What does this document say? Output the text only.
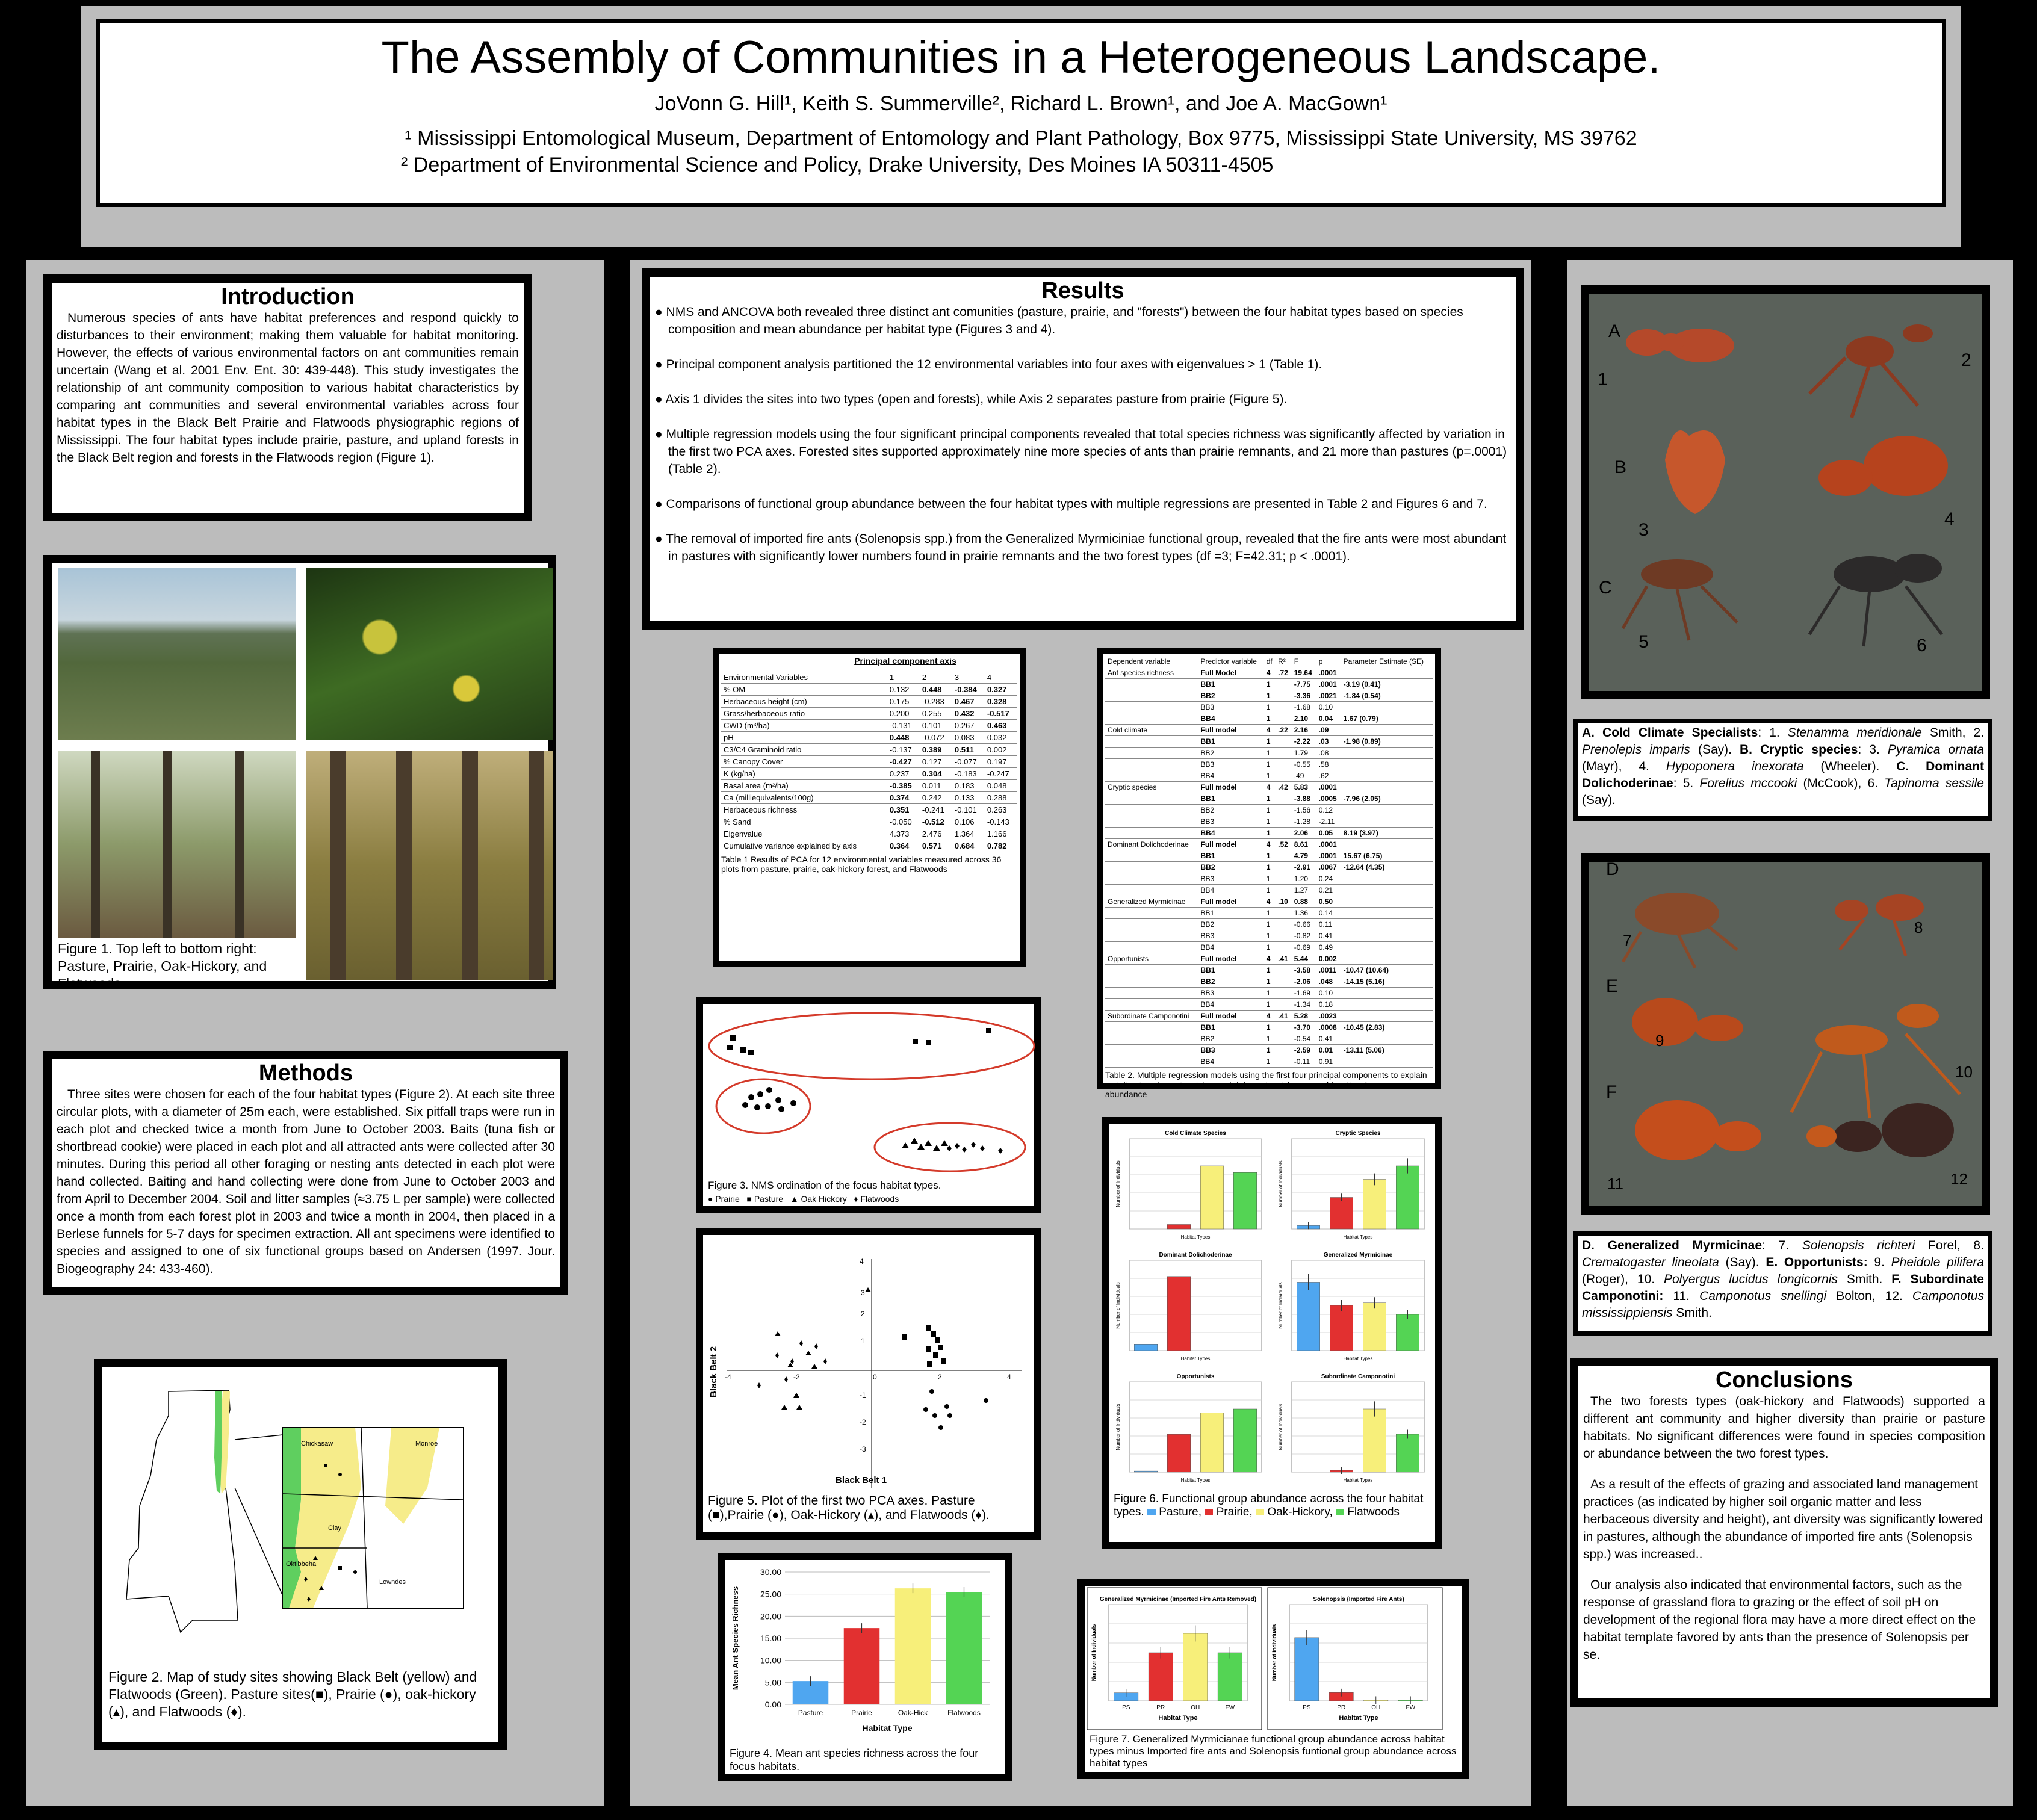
The Assembly of Communities in a Heterogeneous Landscape.
JoVonn G. Hill¹, Keith S. Summerville², Richard L. Brown¹, and Joe A. MacGown¹
¹ Mississippi Entomological Museum, Department of Entomology and Plant Pathology, Box 9775, Mississippi State University, MS 39762
² Department of Environmental Science and Policy, Drake University, Des Moines IA 50311-4505
Introduction

Numerous species of ants have habitat preferences and respond quickly to disturbances to their environment; making them valuable for habitat monitoring. However, the effects of various environmental factors on ant communities remain uncertain (Wang et al. 2001 Env. Ent. 30: 439-448). This study investigates the relationship of ant community composition to various habitat characteristics by comparing ant communities and several environmental variables across four habitat types in the Black Belt Prairie and Flatwoods physiographic regions of Mississippi. The four habitat types include prairie, pasture, and upland forests in the Black Belt region and forests in the Flatwoods region (Figure 1).

Figure 1. Top left to bottom right: Pasture, Prairie, Oak-Hickory, and Flatwoods.
Methods

Three sites were chosen for each of the four habitat types (Figure 2). At each site three circular plots, with a diameter of 25m each, were established. Six pitfall traps were run in each plot and checked twice a month from June to October 2003. Baits (tuna fish or shortbread cookie) were placed in each plot and all attracted ants were collected after 30 minutes. During this period all other foraging or nesting ants detected in each plot were hand collected. Baiting and hand collecting were done from June to October 2003 and from April to December 2004. Soil and litter samples (≈3.75 L per sample) were collected once a month from each forest plot in 2003 and twice a month in 2004, then placed in a Berlese funnels for 5-7 days for specimen extraction. All ant specimens were identified to species and assigned to one of six functional groups based on Andersen (1997. Jour. Biogeography 24: 433-460).

Chickasaw	Monroe
Clay
Oktibbeha
Lowndes
Figure 2. Map of study sites showing Black Belt (yellow) and Flatwoods (Green). Pasture sites(■), Prairie (●), oak-hickory (▴), and Flatwoods (♦).
Results

● NMS and ANCOVA both revealed three distinct ant comunities (pasture, prairie, and "forests") between the four habitat types based on species composition and mean abundance per habitat type (Figures 3 and 4).

● Principal component analysis partitioned the 12 environmental variables into four axes with eigenvalues > 1 (Table 1).

● Axis 1 divides the sites into two types (open and forests), while Axis 2 separates pasture from prairie (Figure 5).

● Multiple regression models using the four significant principal components revealed that total species richness was significantly affected by variation in the first two PCA axes. Forested sites supported approximately nine more species of ants than prairie remnants, and 21 more than pastures (p=.0001) (Table 2).

● Comparisons of functional group abundance between the four habitat types with multiple regressions are presented in Table 2 and Figures 6 and 7.

● The removal of imported fire ants (Solenopsis spp.) from the Generalized Myrmiciniae functional group, revealed that the fire ants were most abundant in pastures with significantly lower numbers found in prairie remnants and the two forest types (df =3; F=42.31; p < .0001).

Principal component axis
Environmental Variables	1	2	3	4
% OM	0.132	0.448	-0.384	0.327
Herbaceous height (cm)	0.175	-0.283	0.467	0.328
Grass/herbaceous ratio	0.200	0.255	0.432	-0.517
CWD (m³/ha)	-0.131	0.101	0.267	0.463
pH	0.448	-0.072	0.083	0.032
C3/C4 Graminoid ratio	-0.137	0.389	0.511	0.002
% Canopy Cover	-0.427	0.127	-0.077	0.197
K (kg/ha)	0.237	0.304	-0.183	-0.247
Basal area (m²/ha)	-0.385	0.011	0.183	0.048
Ca (milliequivalents/100g)	0.374	0.242	0.133	0.288
Herbaceous richness	0.351	-0.241	-0.101	0.263
% Sand	-0.050	-0.512	0.106	-0.143
Eigenvalue	4.373	2.476	1.364	1.166
Cumulative variance explained by axis	0.364	0.571	0.684	0.782
Table 1 Results of PCA for 12 environmental variables measured across 36 plots from pasture, prairie, oak-hickory forest, and Flatwoods
Dependent variable	Predictor variable	df	R²	F	p	Parameter Estimate (SE)
Ant species richness	Full Model	4	.72	19.64	.0001	
	BB1	1		-7.75	.0001	-3.19 (0.41)
	BB2	1		-3.36	.0021	-1.84 (0.54)
	BB3	1		-1.68	0.10	
	BB4	1		2.10	0.04	1.67 (0.79)
Cold climate	Full model	4	.22	2.16	.09	
	BB1	1		-2.22	.03	-1.98 (0.89)
	BB2	1		1.79	.08	
	BB3	1		-0.55	.58	
	BB4	1		.49	.62	
Cryptic species	Full model	4	.42	5.83	.0001	
	BB1	1		-3.88	.0005	-7.96 (2.05)
	BB2	1		-1.56	0.12	
	BB3	1		-1.28	-2.11	
	BB4	1		2.06	0.05	8.19 (3.97)
Dominant Dolichoderinae	Full model	4	.52	8.61	.0001	
	BB1	1		4.79	.0001	15.67 (6.75)
	BB2	1		-2.91	.0067	-12.64 (4.35)
	BB3	1		1.20	0.24	
	BB4	1		1.27	0.21	
Generalized Myrmicinae	Full model	4	.10	0.88	0.50	
	BB1	1		1.36	0.14	
	BB2	1		-0.66	0.11	
	BB3	1		-0.82	0.41	
	BB4	1		-0.69	0.49	
Opportunists	Full model	4	.41	5.44	0.002	
	BB1	1		-3.58	.0011	-10.47 (10.64)
	BB2	1		-2.06	.048	-14.15 (5.16)
	BB3	1		-1.69	0.10	
	BB4	1		-1.34	0.18	
Subordinate Camponotini	Full model	4	.41	5.28	.0023	
	BB1	1		-3.70	.0008	-10.45 (2.83)
	BB2	1		-0.54	0.41	
	BB3	1		-2.59	0.01	-13.11 (5.06)
	BB4	1		-0.11	0.91	
Table 2. Multiple regression models using the first four principal components to explain variation in ant species richness, total species richness, and functional group abundance
Figure 3. NMS ordination of the focus habitat types.
● Prairie ■ Pasture ▲ Oak Hickory ♦ Flatwoods
4
3
2
1
-1
-2
-3
-4	-2	0	2	4
Black Belt 1
Black Belt 2
Figure 5. Plot of the first two PCA axes. Pasture (■),Prairie (●), Oak-Hickory (▴), and Flatwoods (♦).
Cold Climate Species
Number of Individuals
Habitat Types
Cryptic Species
Number of Individuals
Habitat Types
Dominant Dolichoderinae
Number of Individuals
Habitat Types
Generalized Myrmicinae
Number of Individuals
Habitat Types
Opportunists
Number of Individuals
Habitat Types
Subordinate Camponotini
Number of Individuals
Habitat Types
Figure 6. Functional group abundance across the four habitat types. Pasture, Prairie, Oak-Hickory, Flatwoods
0.00
5.00
10.00
15.00
20.00
25.00
30.00
Pasture	Prairie	Oak-Hick	Flatwoods
Habitat Type
Mean Ant Species Richness
Figure 4. Mean ant species richness across the four focus habitats.
PS	PR	OH	FW
Generalized Myrmicinae (Imported Fire Ants Removed)
Habitat Type
Number of Individuals
PS	PR	OH	FW
Solenopsis (Imported Fire Ants)
Habitat Type
Number of Individuals
Figure 7. Generalized Myrmicianae functional group abundance across habitat types minus Imported fire ants and Solenopsis funtional group abundance across habitat types
A
B
C
1
2
3
4
5	6
A. Cold Climate Specialists: 1. Stenamma meridionale Smith, 2. Prenolepis imparis (Say). B. Cryptic species: 3. Pyramica ornata (Mayr), 4. Hypoponera inexorata (Wheeler). C. Dominant Dolichoderinae: 5. Forelius mccooki (McCook), 6. Tapinoma sessile (Say).
D
E
F
7
8
9
10
11	12
D. Generalized Myrmicinae: 7. Solenopsis richteri Forel, 8. Crematogaster lineolata (Say). E. Opportunists: 9. Pheidole pilifera (Roger), 10. Polyergus lucidus longicornis Smith. F. Subordinate Camponotini: 11. Camponotus snellingi Bolton, 12. Camponotus mississippiensis Smith.
Conclusions

The two forests types (oak-hickory and Flatwoods) supported a different ant community and higher diversity than prairie or pasture habitats. No significant differences were found in species composition or abundance between the two forest types.

As a result of the effects of grazing and associated land management practices (as indicated by higher soil organic matter and less herbaceous diversity and height), ant diversity was significantly lowered in pastures, although the abundance of imported fire ants (Solenopsis spp.) was increased..

Our analysis also indicated that environmental factors, such as the response of grassland flora to grazing or the effect of soil pH on development of the regional flora may have a more direct effect on the habitat template favored by ants than the presence of Solenopsis per se.
